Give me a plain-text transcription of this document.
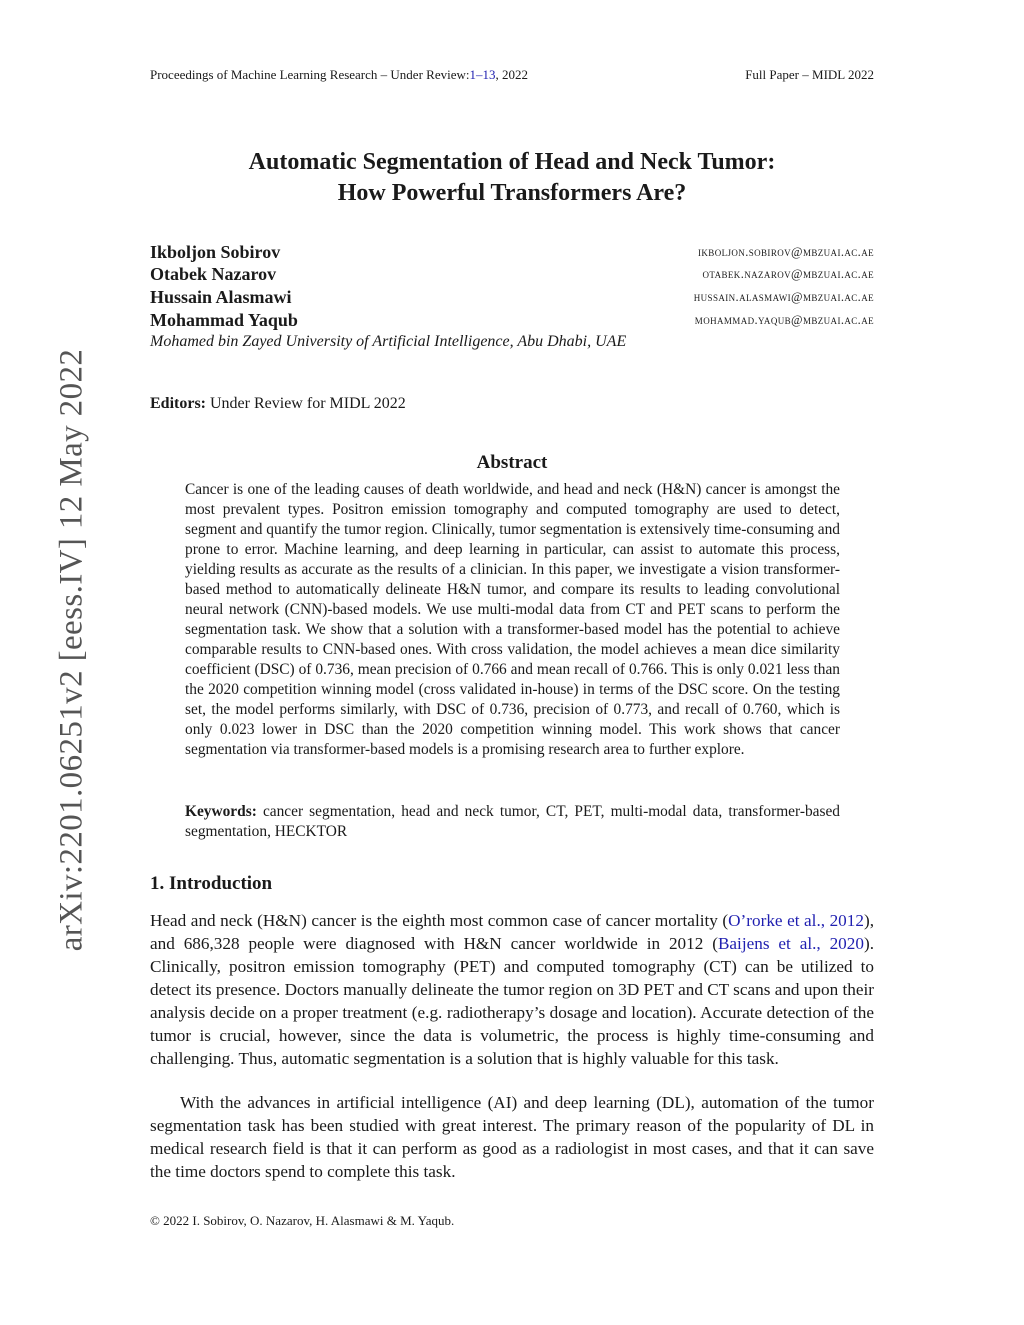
arXiv:2201.06251v2 [eess.IV] 12 May 2022
Proceedings of Machine Learning Research – Under Review:1–13, 2022	Full Paper – MIDL 2022
Automatic Segmentation of Head and Neck Tumor:
How Powerful Transformers Are?
Ikboljon Sobirov	ikboljon.sobirov@mbzuai.ac.ae
Otabek Nazarov	otabek.nazarov@mbzuai.ac.ae
Hussain Alasmawi	hussain.alasmawi@mbzuai.ac.ae
Mohammad Yaqub	mohammad.yaqub@mbzuai.ac.ae
Mohamed bin Zayed University of Artificial Intelligence, Abu Dhabi, UAE
Editors: Under Review for MIDL 2022
Abstract
Cancer is one of the leading causes of death worldwide, and head and neck (H&N) cancer is amongst the most prevalent types. Positron emission tomography and computed tomography are used to detect, segment and quantify the tumor region. Clinically, tumor segmentation is extensively time-consuming and prone to error. Machine learning, and deep learning in particular, can assist to automate this process, yielding results as accurate as the results of a clinician. In this paper, we investigate a vision transformer-based method to automatically delineate H&N tumor, and compare its results to leading convolutional neural network (CNN)-based models. We use multi-modal data from CT and PET scans to perform the segmentation task. We show that a solution with a transformer-based model has the potential to achieve comparable results to CNN-based ones. With cross validation, the model achieves a mean dice similarity coefficient (DSC) of 0.736, mean precision of 0.766 and mean recall of 0.766. This is only 0.021 less than the 2020 competition winning model (cross validated in-house) in terms of the DSC score. On the testing set, the model performs similarly, with DSC of 0.736, precision of 0.773, and recall of 0.760, which is only 0.023 lower in DSC than the 2020 competition winning model. This work shows that cancer segmentation via transformer-based models is a promising research area to further explore.
Keywords: cancer segmentation, head and neck tumor, CT, PET, multi-modal data, transformer-based segmentation, HECKTOR
1. Introduction
Head and neck (H&N) cancer is the eighth most common case of cancer mortality (O’rorke et al., 2012), and 686,328 people were diagnosed with H&N cancer worldwide in 2012 (Baijens et al., 2020). Clinically, positron emission tomography (PET) and computed tomography (CT) can be utilized to detect its presence. Doctors manually delineate the tumor region on 3D PET and CT scans and upon their analysis decide on a proper treatment (e.g. radiotherapy’s dosage and location). Accurate detection of the tumor is crucial, however, since the data is volumetric, the process is highly time-consuming and challenging. Thus, automatic segmentation is a solution that is highly valuable for this task.
With the advances in artificial intelligence (AI) and deep learning (DL), automation of the tumor segmentation task has been studied with great interest. The primary reason of the popularity of DL in medical research field is that it can perform as good as a radiologist in most cases, and that it can save the time doctors spend to complete this task.
© 2022 I. Sobirov, O. Nazarov, H. Alasmawi & M. Yaqub.
